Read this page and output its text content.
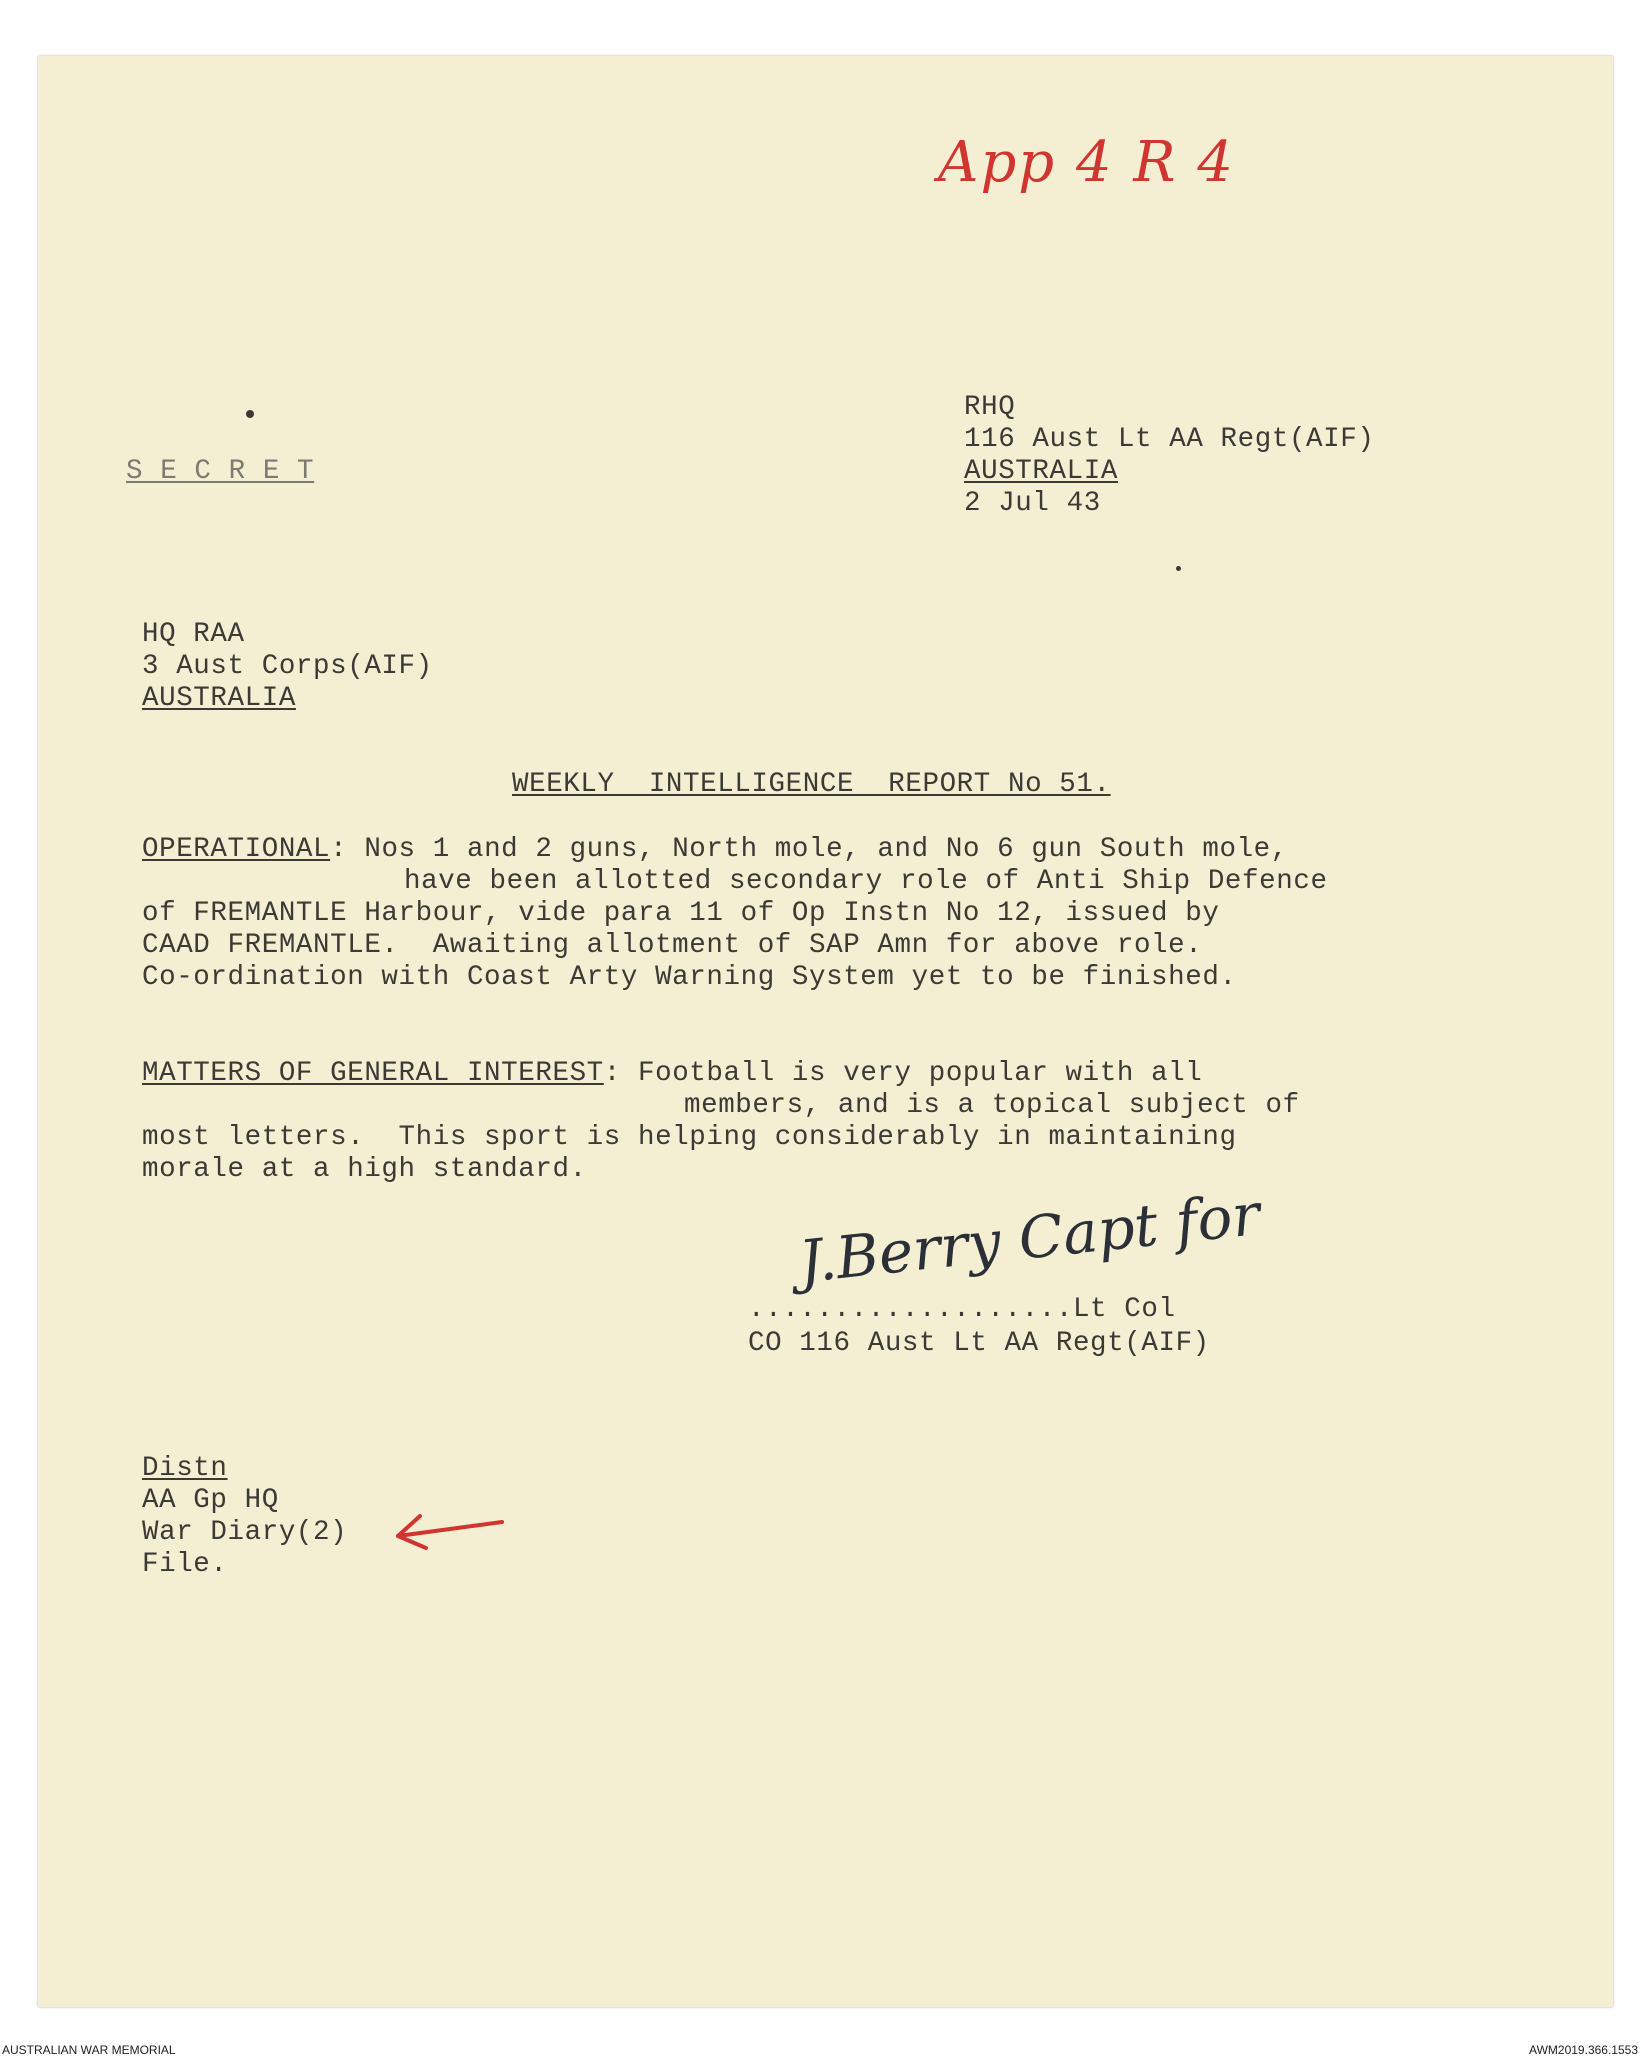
App 4 R 4
RHQ
116 Aust Lt AA Regt(AIF)
AUSTRALIA
2 Jul 43
S E C R E T
HQ RAA
3 Aust Corps(AIF)
AUSTRALIA
WEEKLY  INTELLIGENCE  REPORT No 51.
OPERATIONAL: Nos 1 and 2 guns, North mole, and No 6 gun South mole,
have been allotted secondary role of Anti Ship Defence
of FREMANTLE Harbour, vide para 11 of Op Instn No 12, issued by
CAAD FREMANTLE.  Awaiting allotment of SAP Amn for above role.
Co-ordination with Coast Arty Warning System yet to be finished.
MATTERS OF GENERAL INTEREST: Football is very popular with all
members, and is a topical subject of
most letters.  This sport is helping considerably in maintaining
morale at a high standard.
...................Lt Col
CO 116 Aust Lt AA Regt(AIF)
J.Berry Capt for
Distn
AA Gp HQ
War Diary(2)
File.
AUSTRALIAN WAR MEMORIAL	AWM2019.366.1553
